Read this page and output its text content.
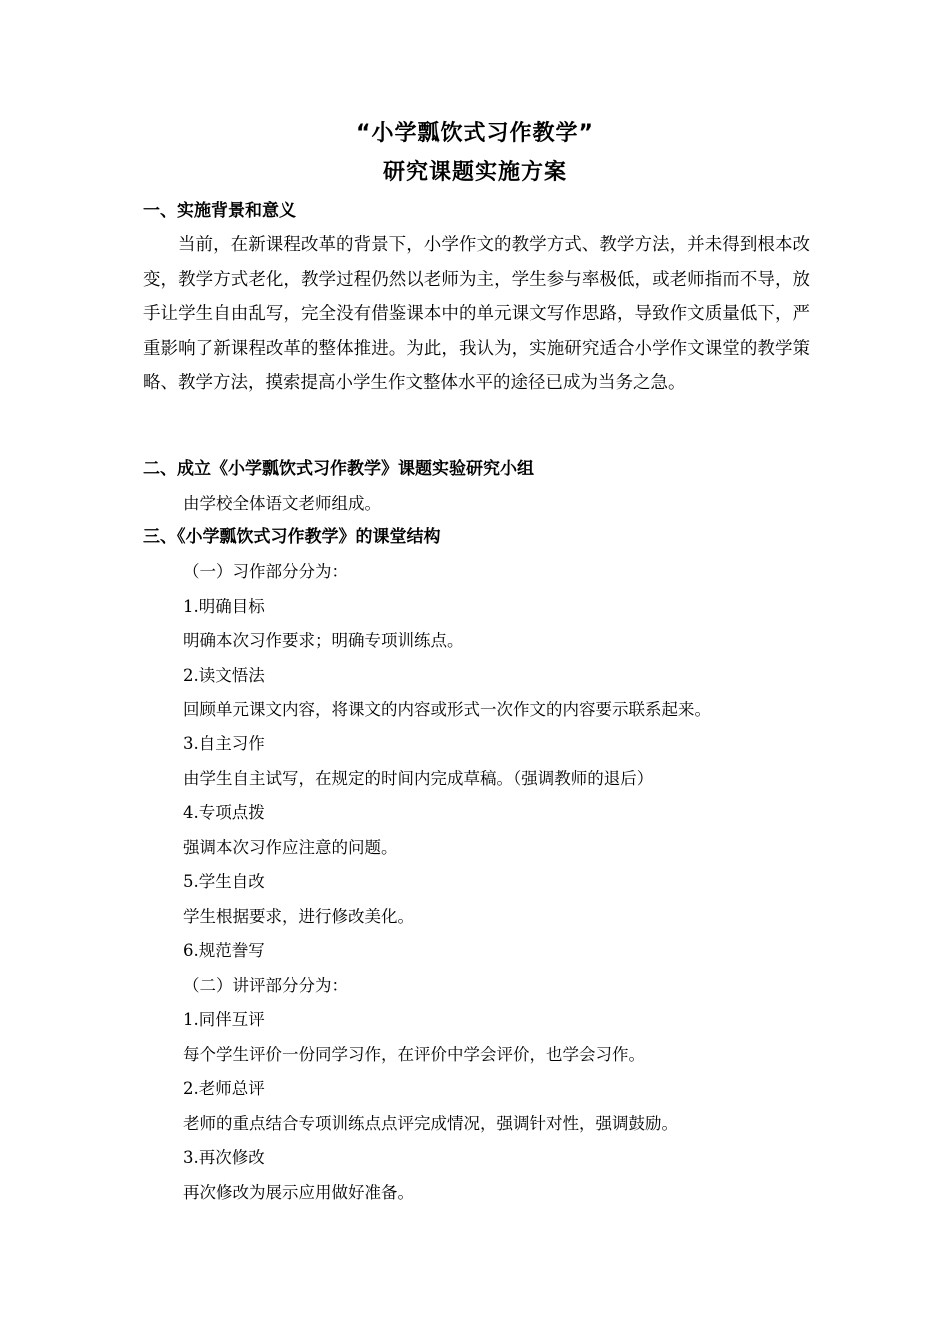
“小学瓢饮式习作教学”
研究课题实施方案
一、实施背景和意义
当前，在新课程改革的背景下，小学作文的教学方式、教学方法，并未得到根本改变，教学方式老化，教学过程仍然以老师为主，学生参与率极低，或老师指而不导，放手让学生自由乱写，完全没有借鉴课本中的单元课文写作思路，导致作文质量低下，严重影响了新课程改革的整体推进。为此，我认为，实施研究适合小学作文课堂的教学策略、教学方法，摸索提高小学生作文整体水平的途径已成为当务之急。
二、成立《小学瓢饮式习作教学》课题实验研究小组
由学校全体语文老师组成。
三、《小学瓢饮式习作教学》的课堂结构
（一）习作部分分为：
1.明确目标
明确本次习作要求；明确专项训练点。
2.读文悟法
回顾单元课文内容，将课文的内容或形式一次作文的内容要示联系起来。
3.自主习作
由学生自主试写，在规定的时间内完成草稿。（强调教师的退后）
4.专项点拨
强调本次习作应注意的问题。
5.学生自改
学生根据要求，进行修改美化。
6.规范誊写
（二）讲评部分分为：
1.同伴互评
每个学生评价一份同学习作，在评价中学会评价，也学会习作。
2.老师总评
老师的重点结合专项训练点点评完成情况，强调针对性，强调鼓励。
3.再次修改
再次修改为展示应用做好准备。
